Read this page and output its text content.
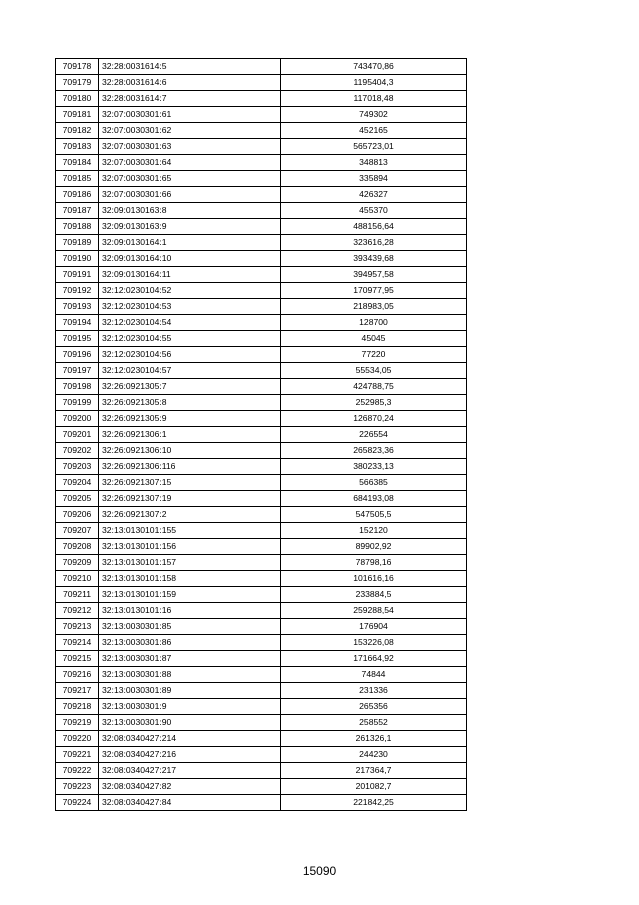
709178	32:28:0031614:5	743470,86
709179	32:28:0031614:6	1195404,3
709180	32:28:0031614:7	117018,48
709181	32:07:0030301:61	749302
709182	32:07:0030301:62	452165
709183	32:07:0030301:63	565723,01
709184	32:07:0030301:64	348813
709185	32:07:0030301:65	335894
709186	32:07:0030301:66	426327
709187	32:09:0130163:8	455370
709188	32:09:0130163:9	488156,64
709189	32:09:0130164:1	323616,28
709190	32:09:0130164:10	393439,68
709191	32:09:0130164:11	394957,58
709192	32:12:0230104:52	170977,95
709193	32:12:0230104:53	218983,05
709194	32:12:0230104:54	128700
709195	32:12:0230104:55	45045
709196	32:12:0230104:56	77220
709197	32:12:0230104:57	55534,05
709198	32:26:0921305:7	424788,75
709199	32:26:0921305:8	252985,3
709200	32:26:0921305:9	126870,24
709201	32:26:0921306:1	226554
709202	32:26:0921306:10	265823,36
709203	32:26:0921306:116	380233,13
709204	32:26:0921307:15	566385
709205	32:26:0921307:19	684193,08
709206	32:26:0921307:2	547505,5
709207	32:13:0130101:155	152120
709208	32:13:0130101:156	89902,92
709209	32:13:0130101:157	78798,16
709210	32:13:0130101:158	101616,16
709211	32:13:0130101:159	233884,5
709212	32:13:0130101:16	259288,54
709213	32:13:0030301:85	176904
709214	32:13:0030301:86	153226,08
709215	32:13:0030301:87	171664,92
709216	32:13:0030301:88	74844
709217	32:13:0030301:89	231336
709218	32:13:0030301:9	265356
709219	32:13:0030301:90	258552
709220	32:08:0340427:214	261326,1
709221	32:08:0340427:216	244230
709222	32:08:0340427:217	217364,7
709223	32:08:0340427:82	201082,7
709224	32:08:0340427:84	221842,25
15090
